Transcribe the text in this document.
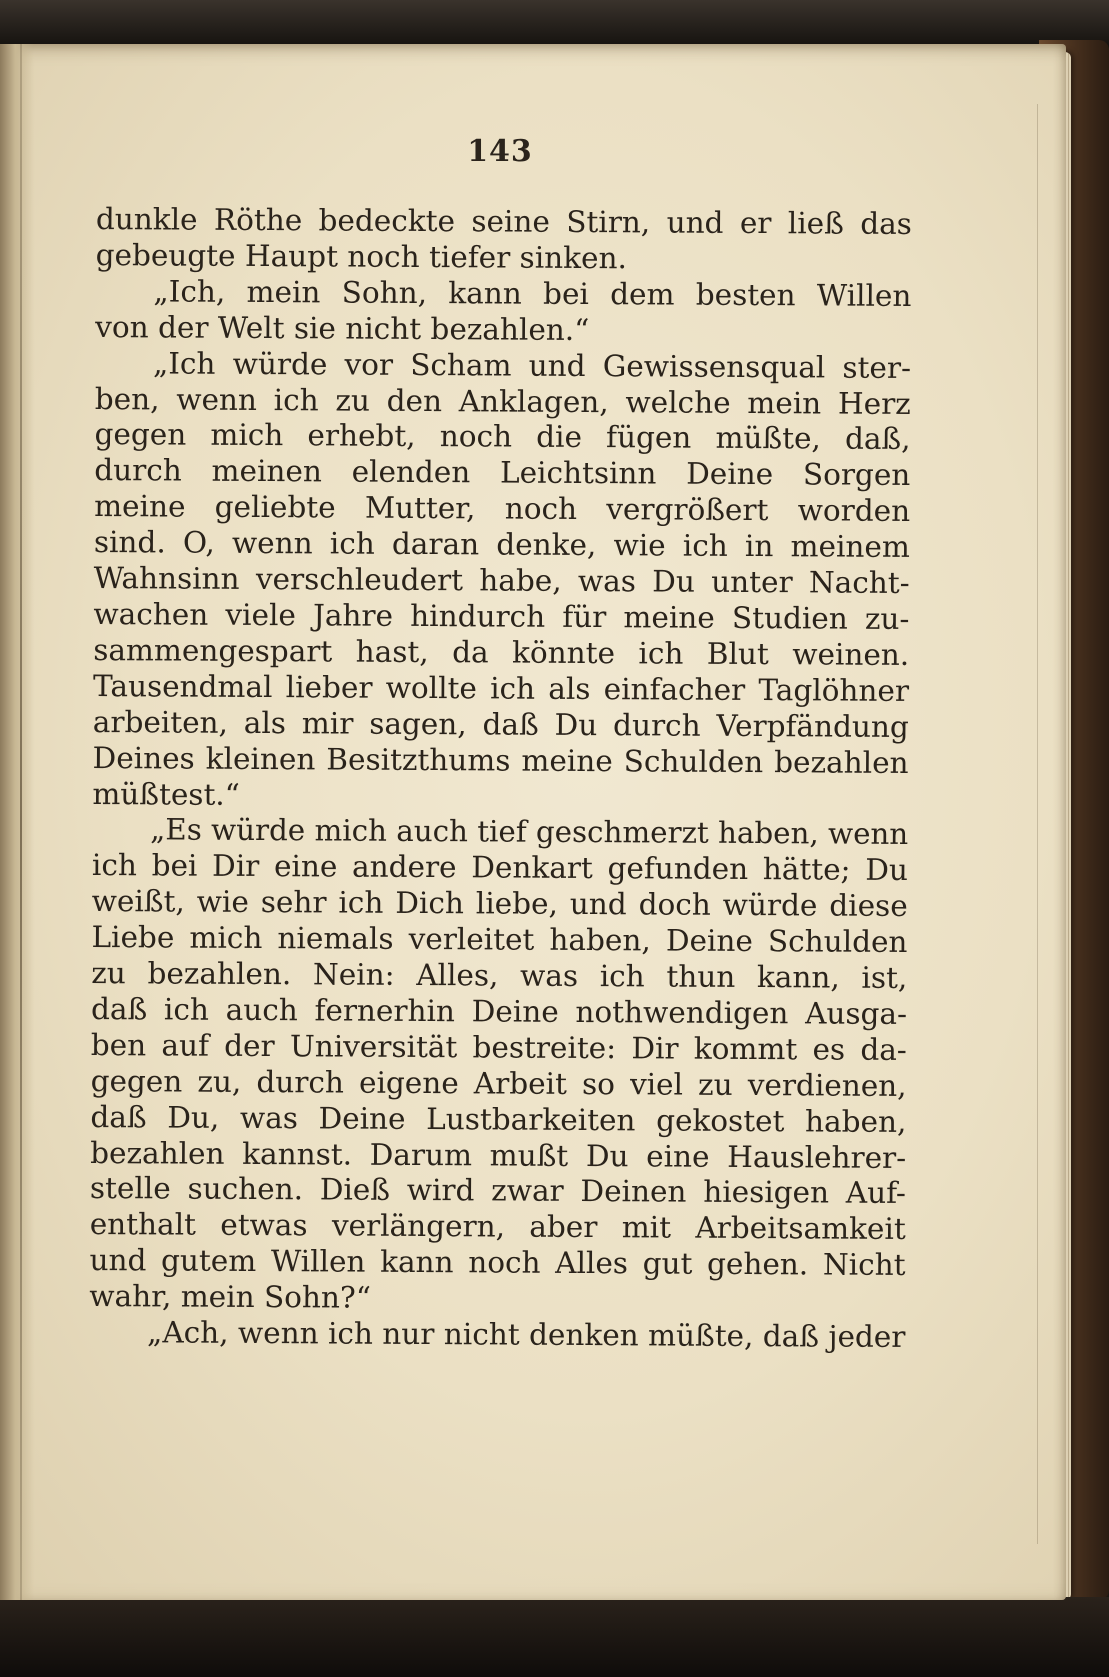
143
dunkle Röthe bedeckte seine Stirn, und er ließ das
gebeugte Haupt noch tiefer sinken.
„Ich, mein Sohn, kann bei dem besten Willen
von der Welt sie nicht bezahlen.“
„Ich würde vor Scham und Gewissensqual ster-
ben, wenn ich zu den Anklagen, welche mein Herz
gegen mich erhebt, noch die fügen müßte, daß,
durch meinen elenden Leichtsinn Deine Sorgen
meine geliebte Mutter, noch vergrößert worden
sind. O, wenn ich daran denke, wie ich in meinem
Wahnsinn verschleudert habe, was Du unter Nacht-
wachen viele Jahre hindurch für meine Studien zu-
sammengespart hast, da könnte ich Blut weinen.
Tausendmal lieber wollte ich als einfacher Taglöhner
arbeiten, als mir sagen, daß Du durch Verpfändung
Deines kleinen Besitzthums meine Schulden bezahlen
müßtest.“
„Es würde mich auch tief geschmerzt haben, wenn
ich bei Dir eine andere Denkart gefunden hätte; Du
weißt, wie sehr ich Dich liebe, und doch würde diese
Liebe mich niemals verleitet haben, Deine Schulden
zu bezahlen. Nein: Alles, was ich thun kann, ist,
daß ich auch fernerhin Deine nothwendigen Ausga-
ben auf der Universität bestreite: Dir kommt es da-
gegen zu, durch eigene Arbeit so viel zu verdienen,
daß Du, was Deine Lustbarkeiten gekostet haben,
bezahlen kannst. Darum mußt Du eine Hauslehrer-
stelle suchen. Dieß wird zwar Deinen hiesigen Auf-
enthalt etwas verlängern, aber mit Arbeitsamkeit
und gutem Willen kann noch Alles gut gehen. Nicht
wahr, mein Sohn?“
„Ach, wenn ich nur nicht denken müßte, daß jeder
